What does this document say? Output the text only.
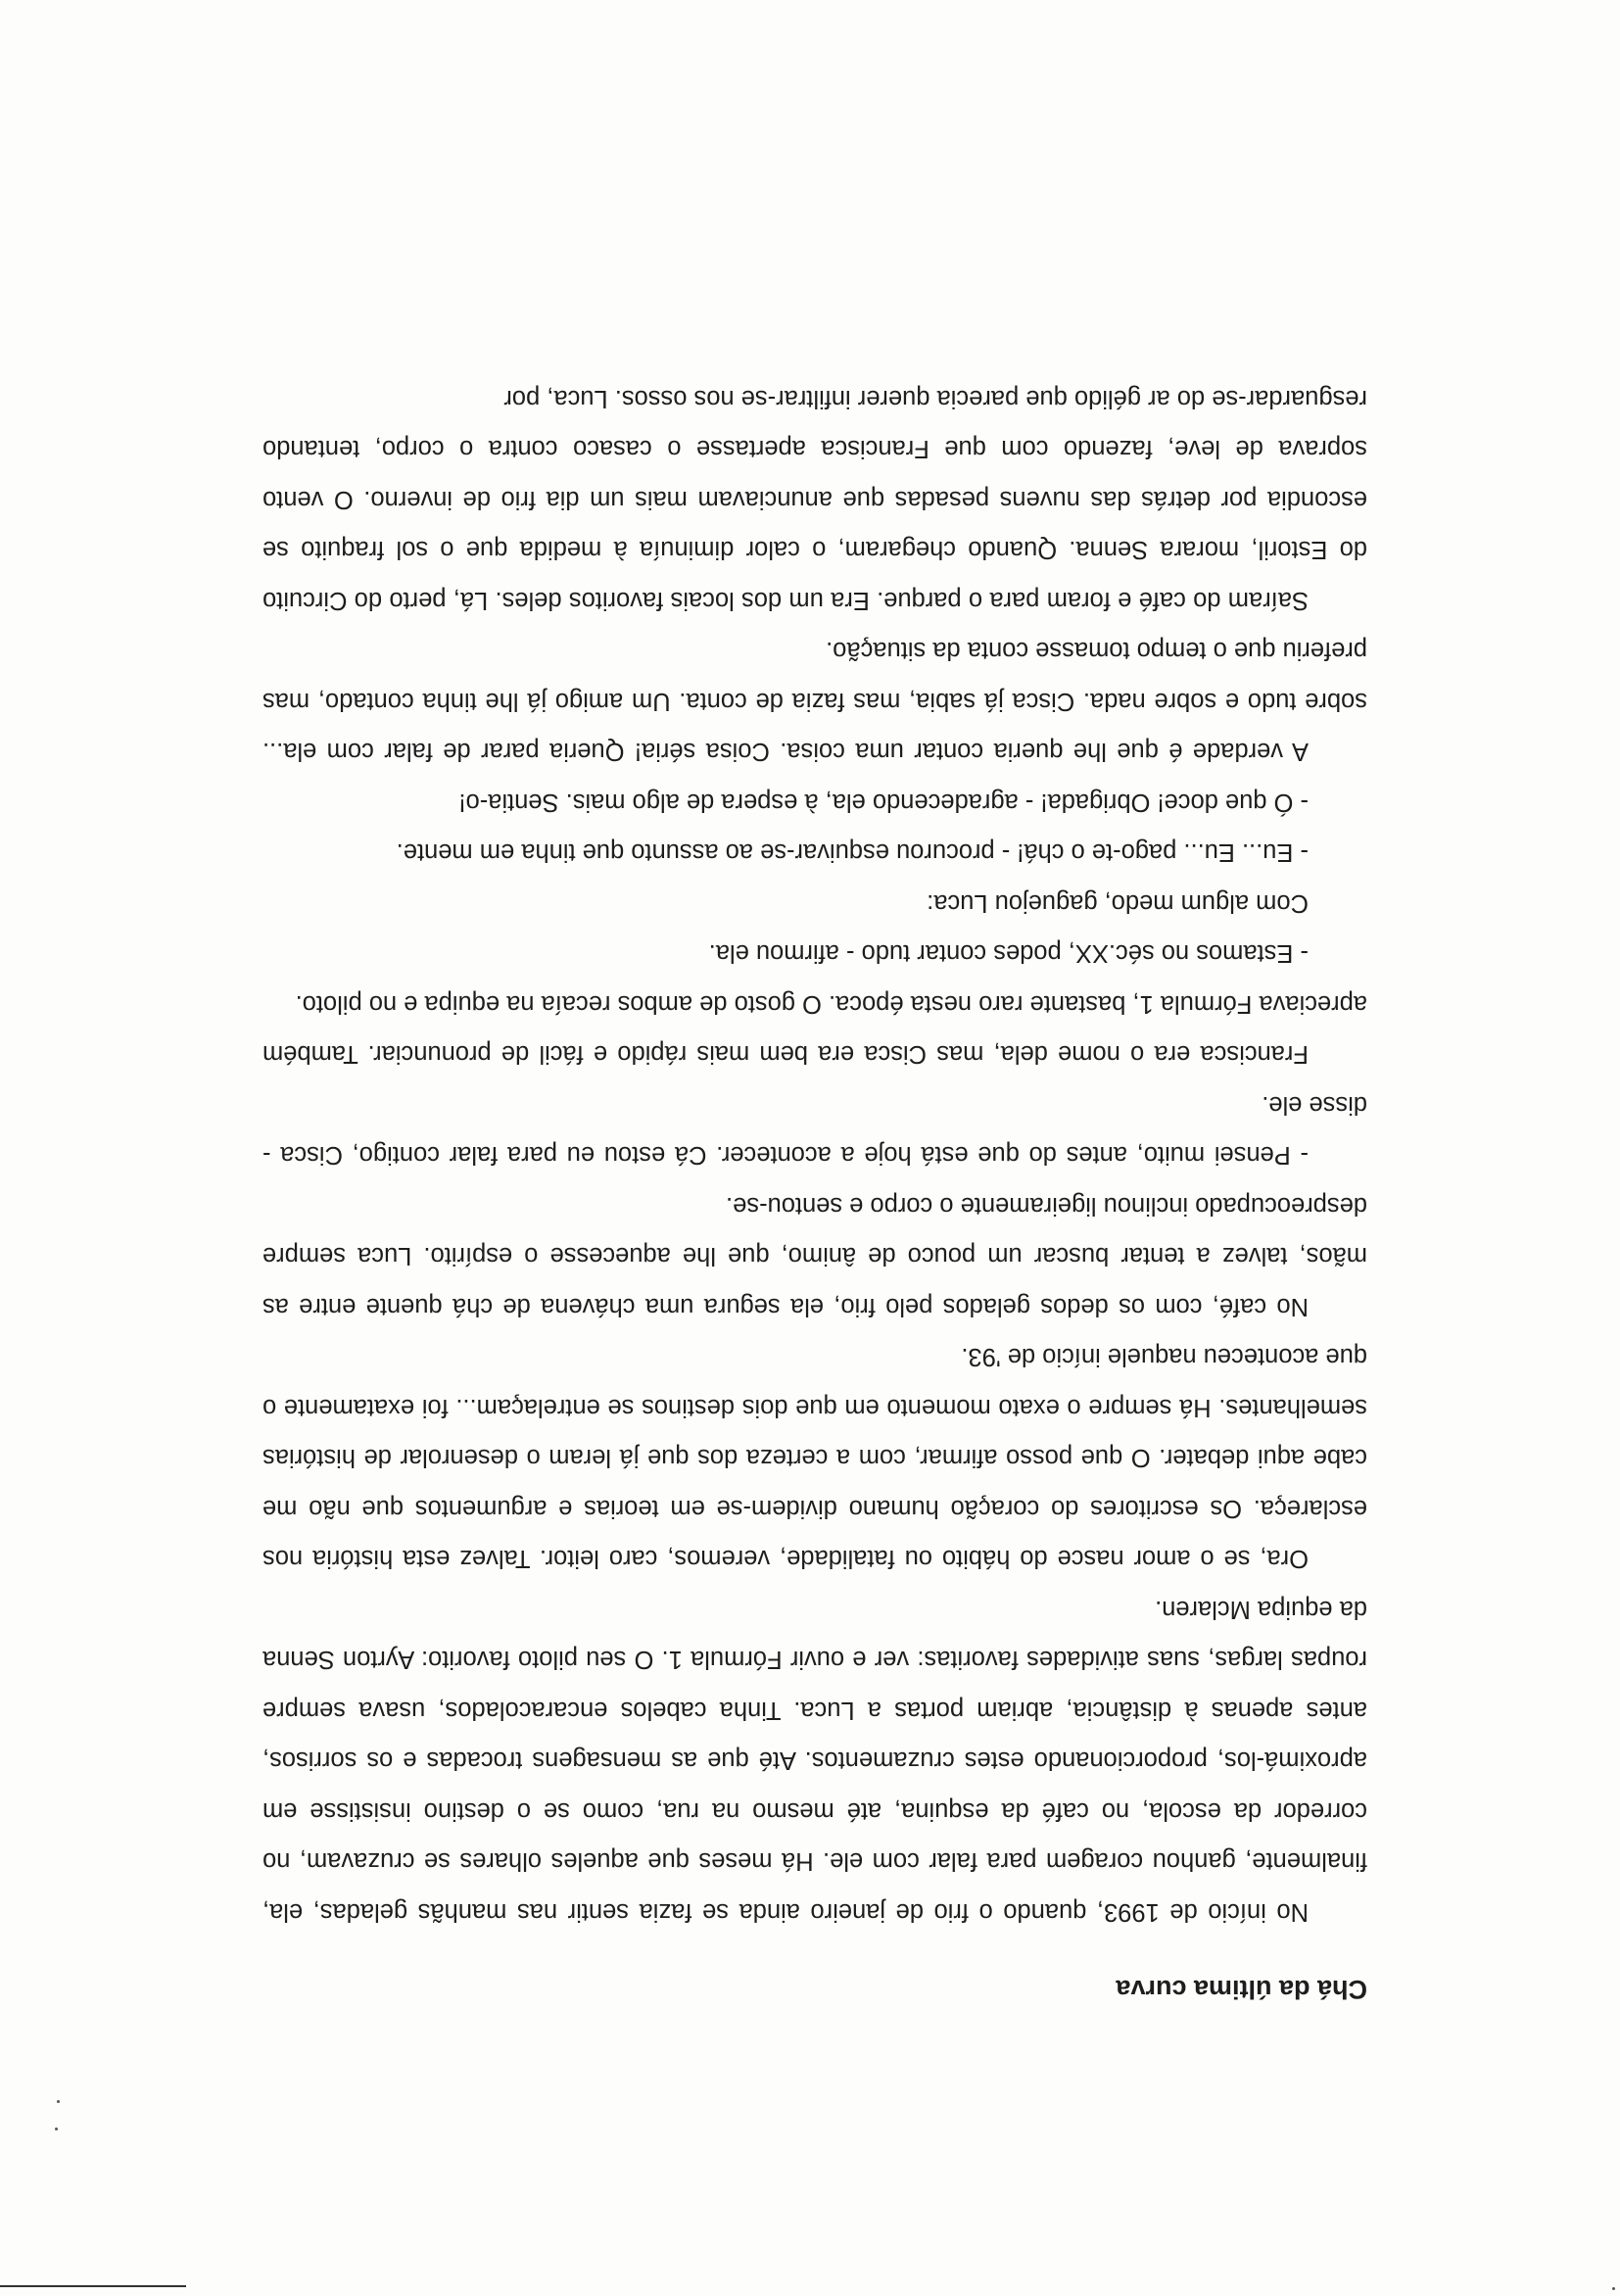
Chá da última curva

No início de 1993, quando o frio de janeiro ainda se fazia sentir nas manhãs geladas, ela, finalmente, ganhou coragem para falar com ele. Há meses que aqueles olhares se cruzavam, no corredor da escola, no café da esquina, até mesmo na rua, como se o destino insistisse em aproximá-los, proporcionando estes cruzamentos. Até que as mensagens trocadas e os sorrisos, antes apenas à distância, abriam portas a Luca. Tinha cabelos encaracolados, usava sempre roupas largas, suas atividades favoritas: ver e ouvir Fórmula 1. O seu piloto favorito: Ayrton Senna da equipa Mclaren.

Ora, se o amor nasce do hábito ou fatalidade, veremos, caro leitor. Talvez esta história nos esclareça. Os escritores do coração humano dividem-se em teorias e argumentos que não me cabe aqui debater. O que posso afirmar, com a certeza dos que já leram o desenrolar de histórias semelhantes. Há sempre o exato momento em que dois destinos se entrelaçam... foi exatamente o que aconteceu naquele início de '93.

No café, com os dedos gelados pelo frio, ela segura uma chávena de chá quente entre as mãos, talvez a tentar buscar um pouco de ânimo, que lhe aquecesse o espírito. Luca sempre despreocupado inclinou ligeiramente o corpo e sentou-se.

- Pensei muito, antes do que está hoje a acontecer. Cá estou eu para falar contigo, Cisca - disse ele.

Francisca era o nome dela, mas Cisca era bem mais rápido e fácil de pronunciar. Também apreciava Fórmula 1, bastante raro nesta época. O gosto de ambos recaía na equipa e no piloto.

- Estamos no séc.XX, podes contar tudo - afirmou ela.

Com algum medo, gaguejou Luca:

- Eu... Eu... pago-te o chá! - procurou esquivar-se ao assunto que tinha em mente.

- Ó que doce! Obrigada! - agradecendo ela, à espera de algo mais. Sentia-o!

A verdade é que lhe queria contar uma coisa. Coisa séria! Queria parar de falar com ela... sobre tudo e sobre nada. Cisca já sabia, mas fazia de conta. Um amigo já lhe tinha contado, mas preferiu que o tempo tomasse conta da situação.

Saíram do café e foram para o parque. Era um dos locais favoritos deles. Lá, perto do Circuito do Estoril, morara Senna. Quando chegaram, o calor diminuía à medida que o sol fraquito se escondia por detrás das nuvens pesadas que anunciavam mais um dia frio de inverno. O vento soprava de leve, fazendo com que Francisca apertasse o casaco contra o corpo, tentando resguardar-se do ar gélido que parecia querer infiltrar-se nos ossos. Luca, por
